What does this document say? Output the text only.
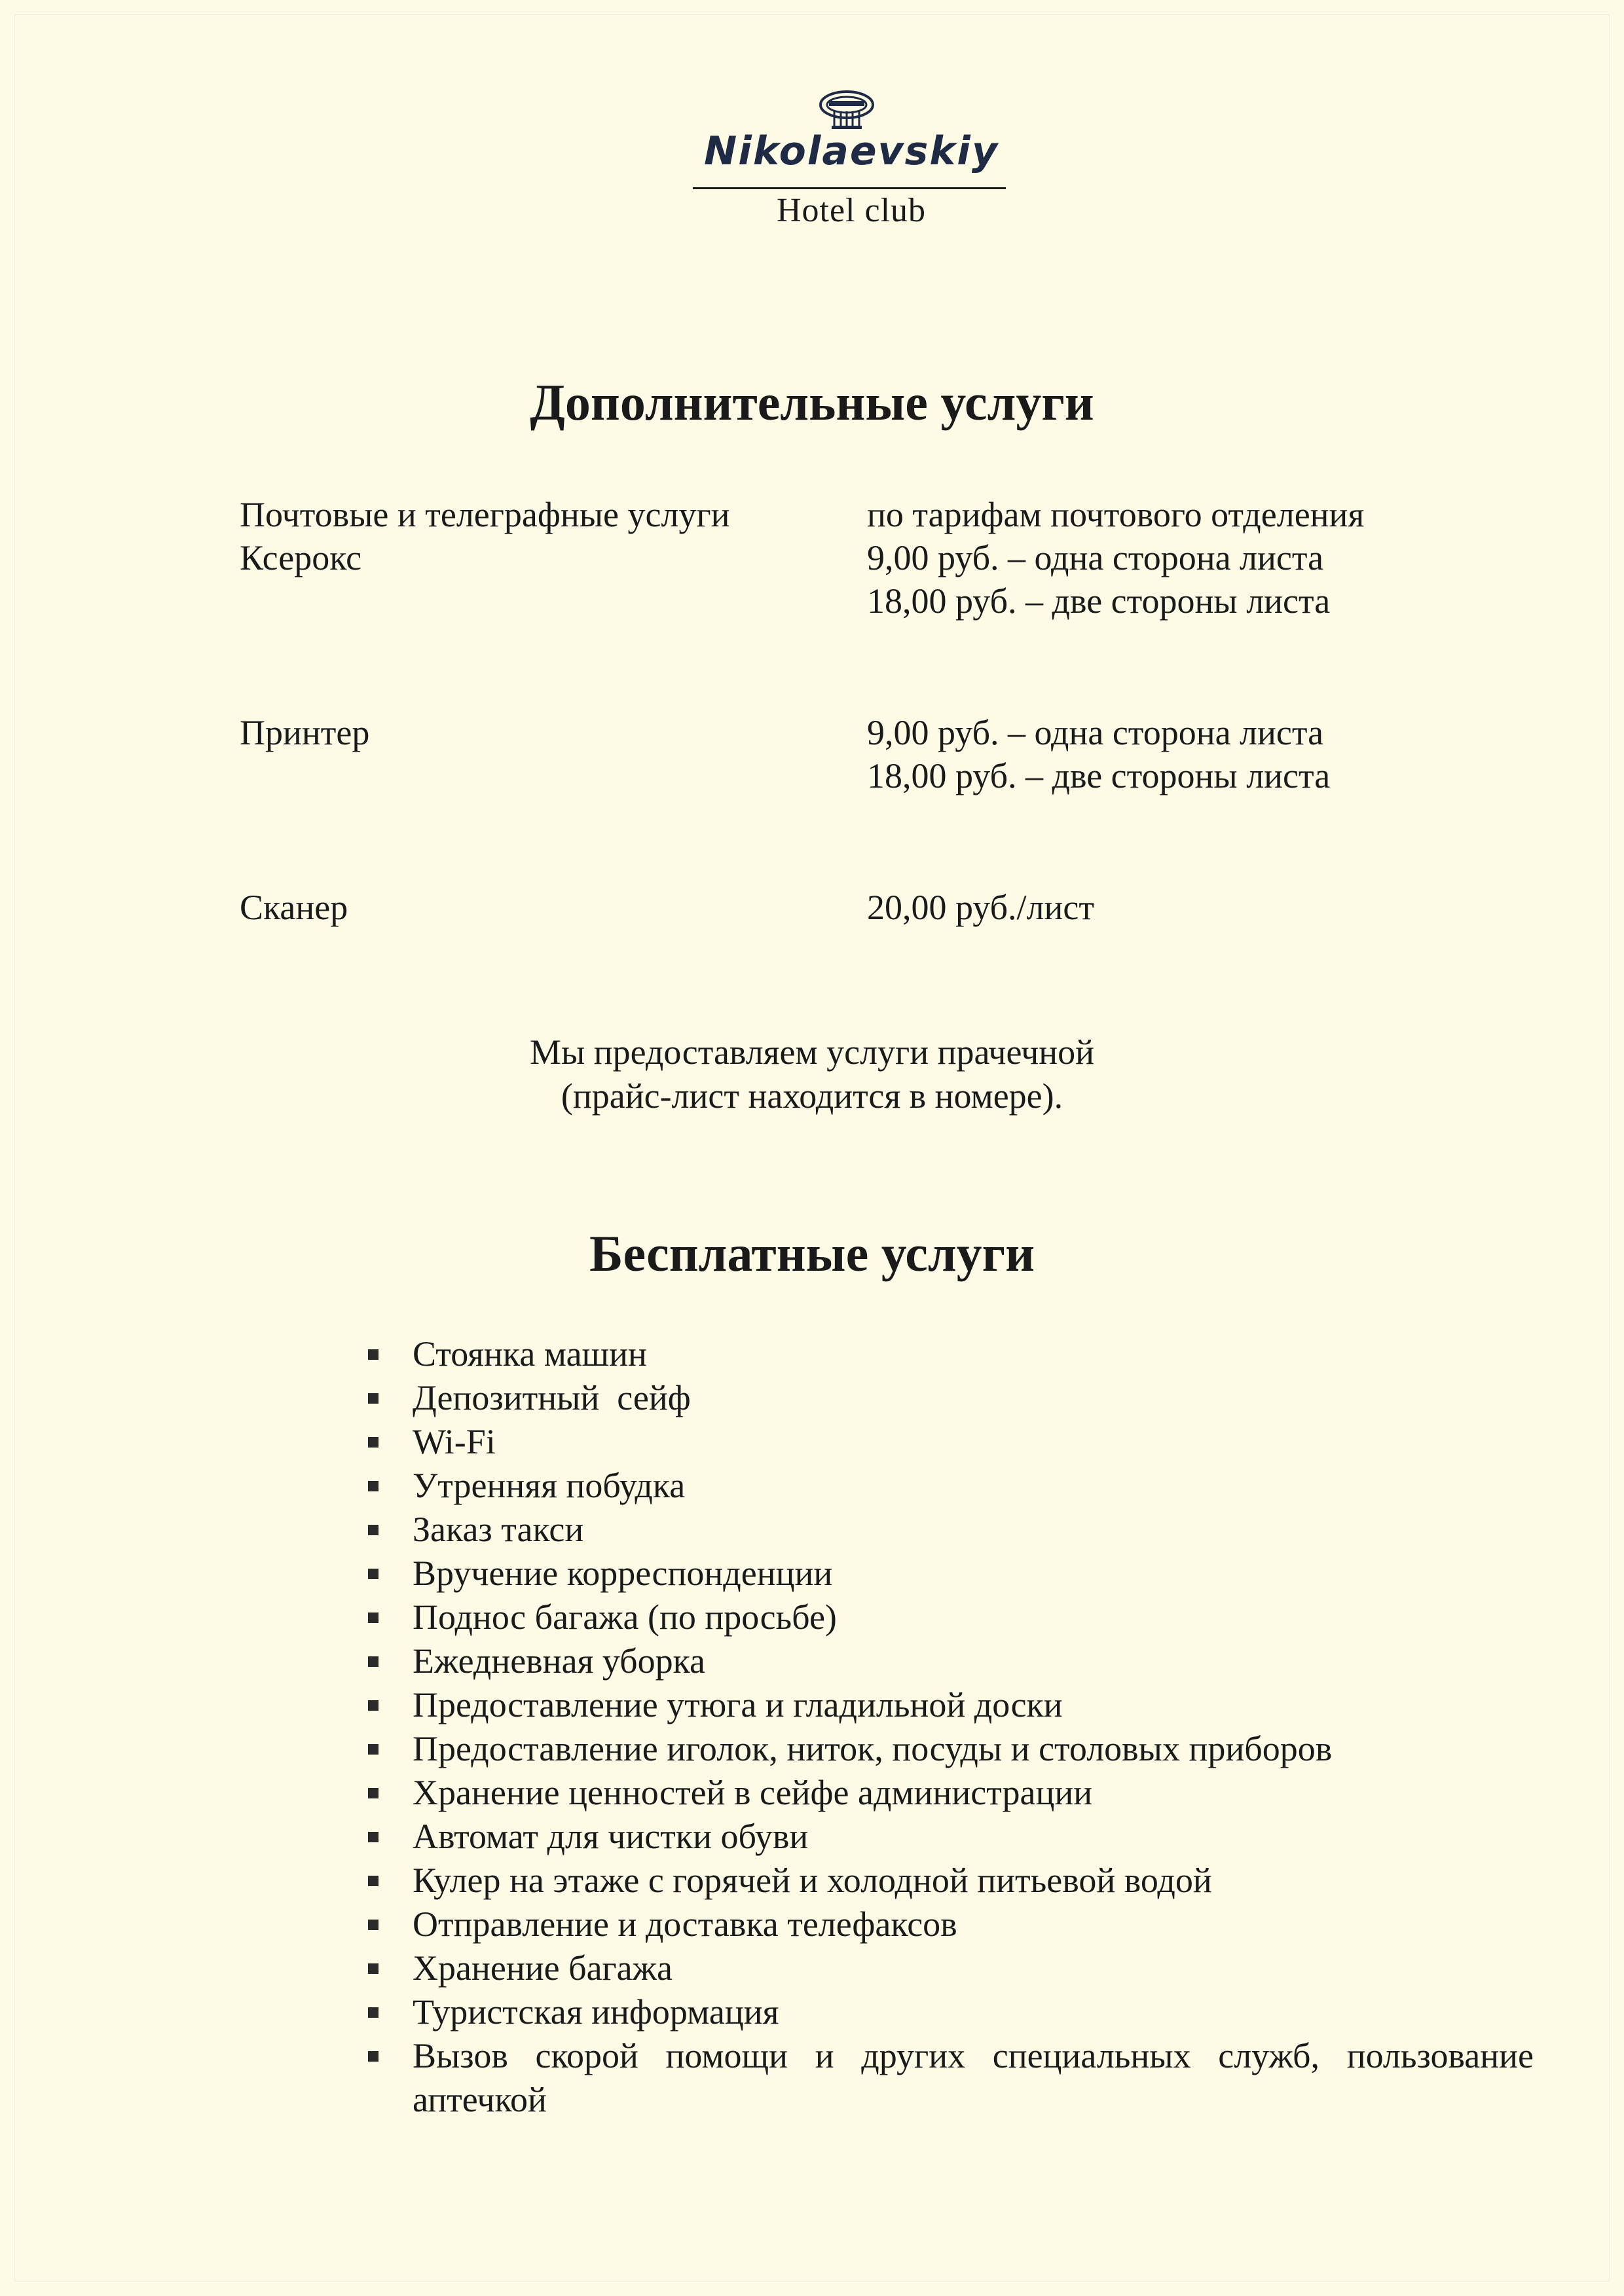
Nikolaevskiy
Hotel club
Дополнительные услуги
Почтовые и телеграфные услуги	по тарифам почтового отделения
Ксерокс	9,00 руб. – одна сторона листа
18,00 руб. – две стороны листа
Принтер	9,00 руб. – одна сторона листа
18,00 руб. – две стороны листа
Сканер	20,00 руб./лист
Мы предоставляем услуги прачечной
(прайс-лист находится в номере).
Бесплатные услуги
Стоянка машин
Депозитный  сейф
Wi-Fi
Утренняя побудка
Заказ такси
Вручение корреспонденции
Поднос багажа (по просьбе)
Ежедневная уборка
Предоставление утюга и гладильной доски
Предоставление иголок, ниток, посуды и столовых приборов
Хранение ценностей в сейфе администрации
Автомат для чистки обуви
Кулер на этаже с горячей и холодной питьевой водой
Отправление и доставка телефаксов
Хранение багажа
Туристская информация
Вызов скорой помощи и других специальных служб, пользование аптечкой
